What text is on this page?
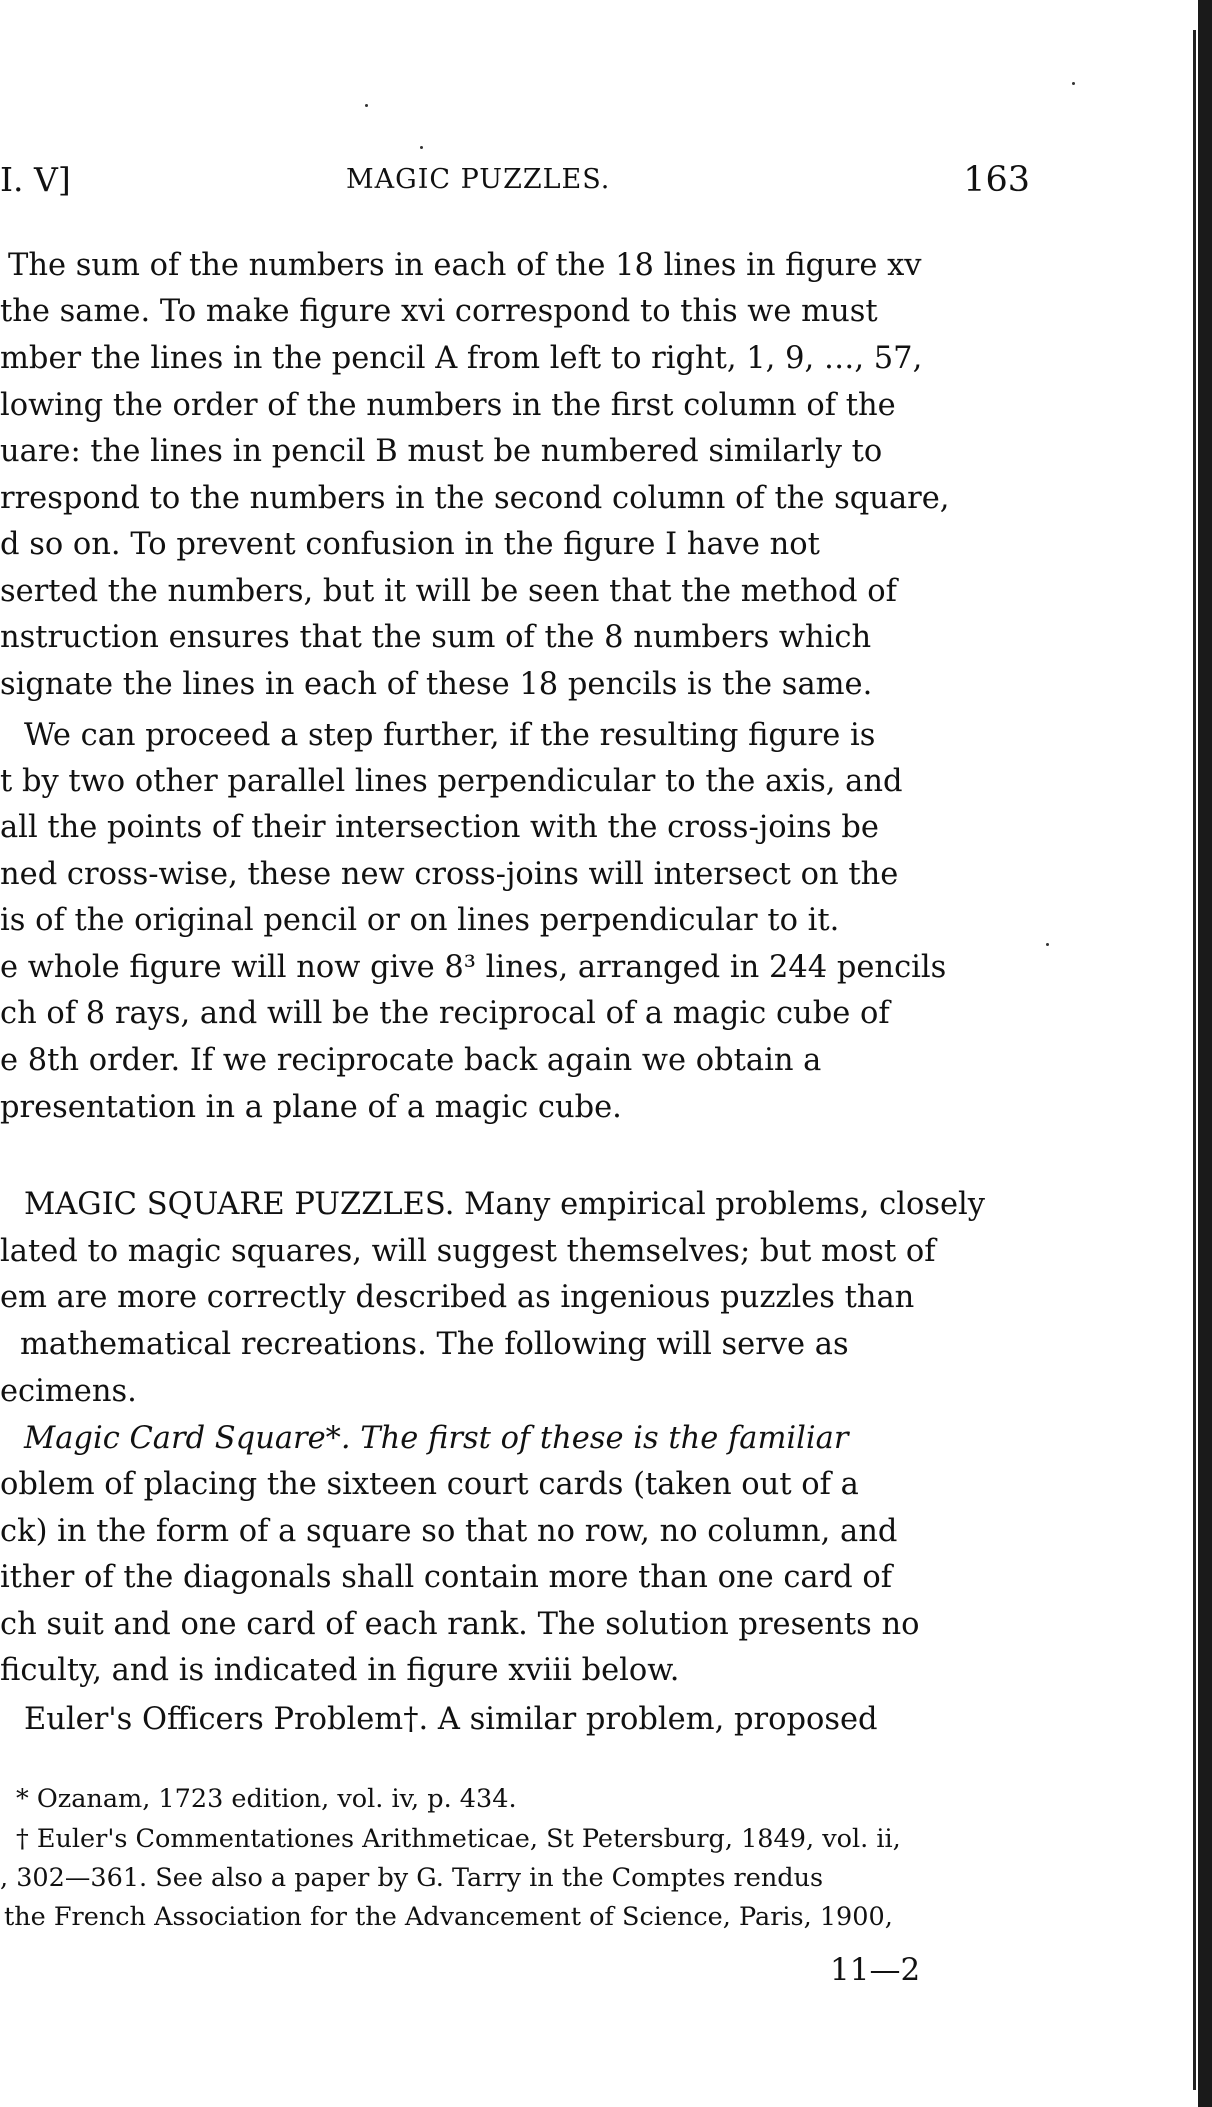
I. V]	MAGIC PUZZLES.	163
The sum of the numbers in each of the 18 lines in figure xv
the same. To make figure xvi correspond to this we must
mber the lines in the pencil A from left to right, 1, 9, …, 57,
lowing the order of the numbers in the first column of the
uare: the lines in pencil B must be numbered similarly to
rrespond to the numbers in the second column of the square,
d so on. To prevent confusion in the figure I have not
serted the numbers, but it will be seen that the method of
nstruction ensures that the sum of the 8 numbers which
signate the lines in each of these 18 pencils is the same.
We can proceed a step further, if the resulting figure is
t by two other parallel lines perpendicular to the axis, and
all the points of their intersection with the cross-joins be
ned cross-wise, these new cross-joins will intersect on the
is of the original pencil or on lines perpendicular to it.
e whole figure will now give 8³ lines, arranged in 244 pencils
ch of 8 rays, and will be the reciprocal of a magic cube of
e 8th order. If we reciprocate back again we obtain a
presentation in a plane of a magic cube.
MAGIC SQUARE PUZZLES. Many empirical problems, closely
lated to magic squares, will suggest themselves; but most of
em are more correctly described as ingenious puzzles than
mathematical recreations. The following will serve as
ecimens.
Magic Card Square*. The first of these is the familiar
oblem of placing the sixteen court cards (taken out of a
ck) in the form of a square so that no row, no column, and
ither of the diagonals shall contain more than one card of
ch suit and one card of each rank. The solution presents no
ficulty, and is indicated in figure xviii below.
Euler's Officers Problem†. A similar problem, proposed
* Ozanam, 1723 edition, vol. iv, p. 434.
† Euler's Commentationes Arithmeticae, St Petersburg, 1849, vol. ii,
, 302—361. See also a paper by G. Tarry in the Comptes rendus
the French Association for the Advancement of Science, Paris, 1900,
11—2
